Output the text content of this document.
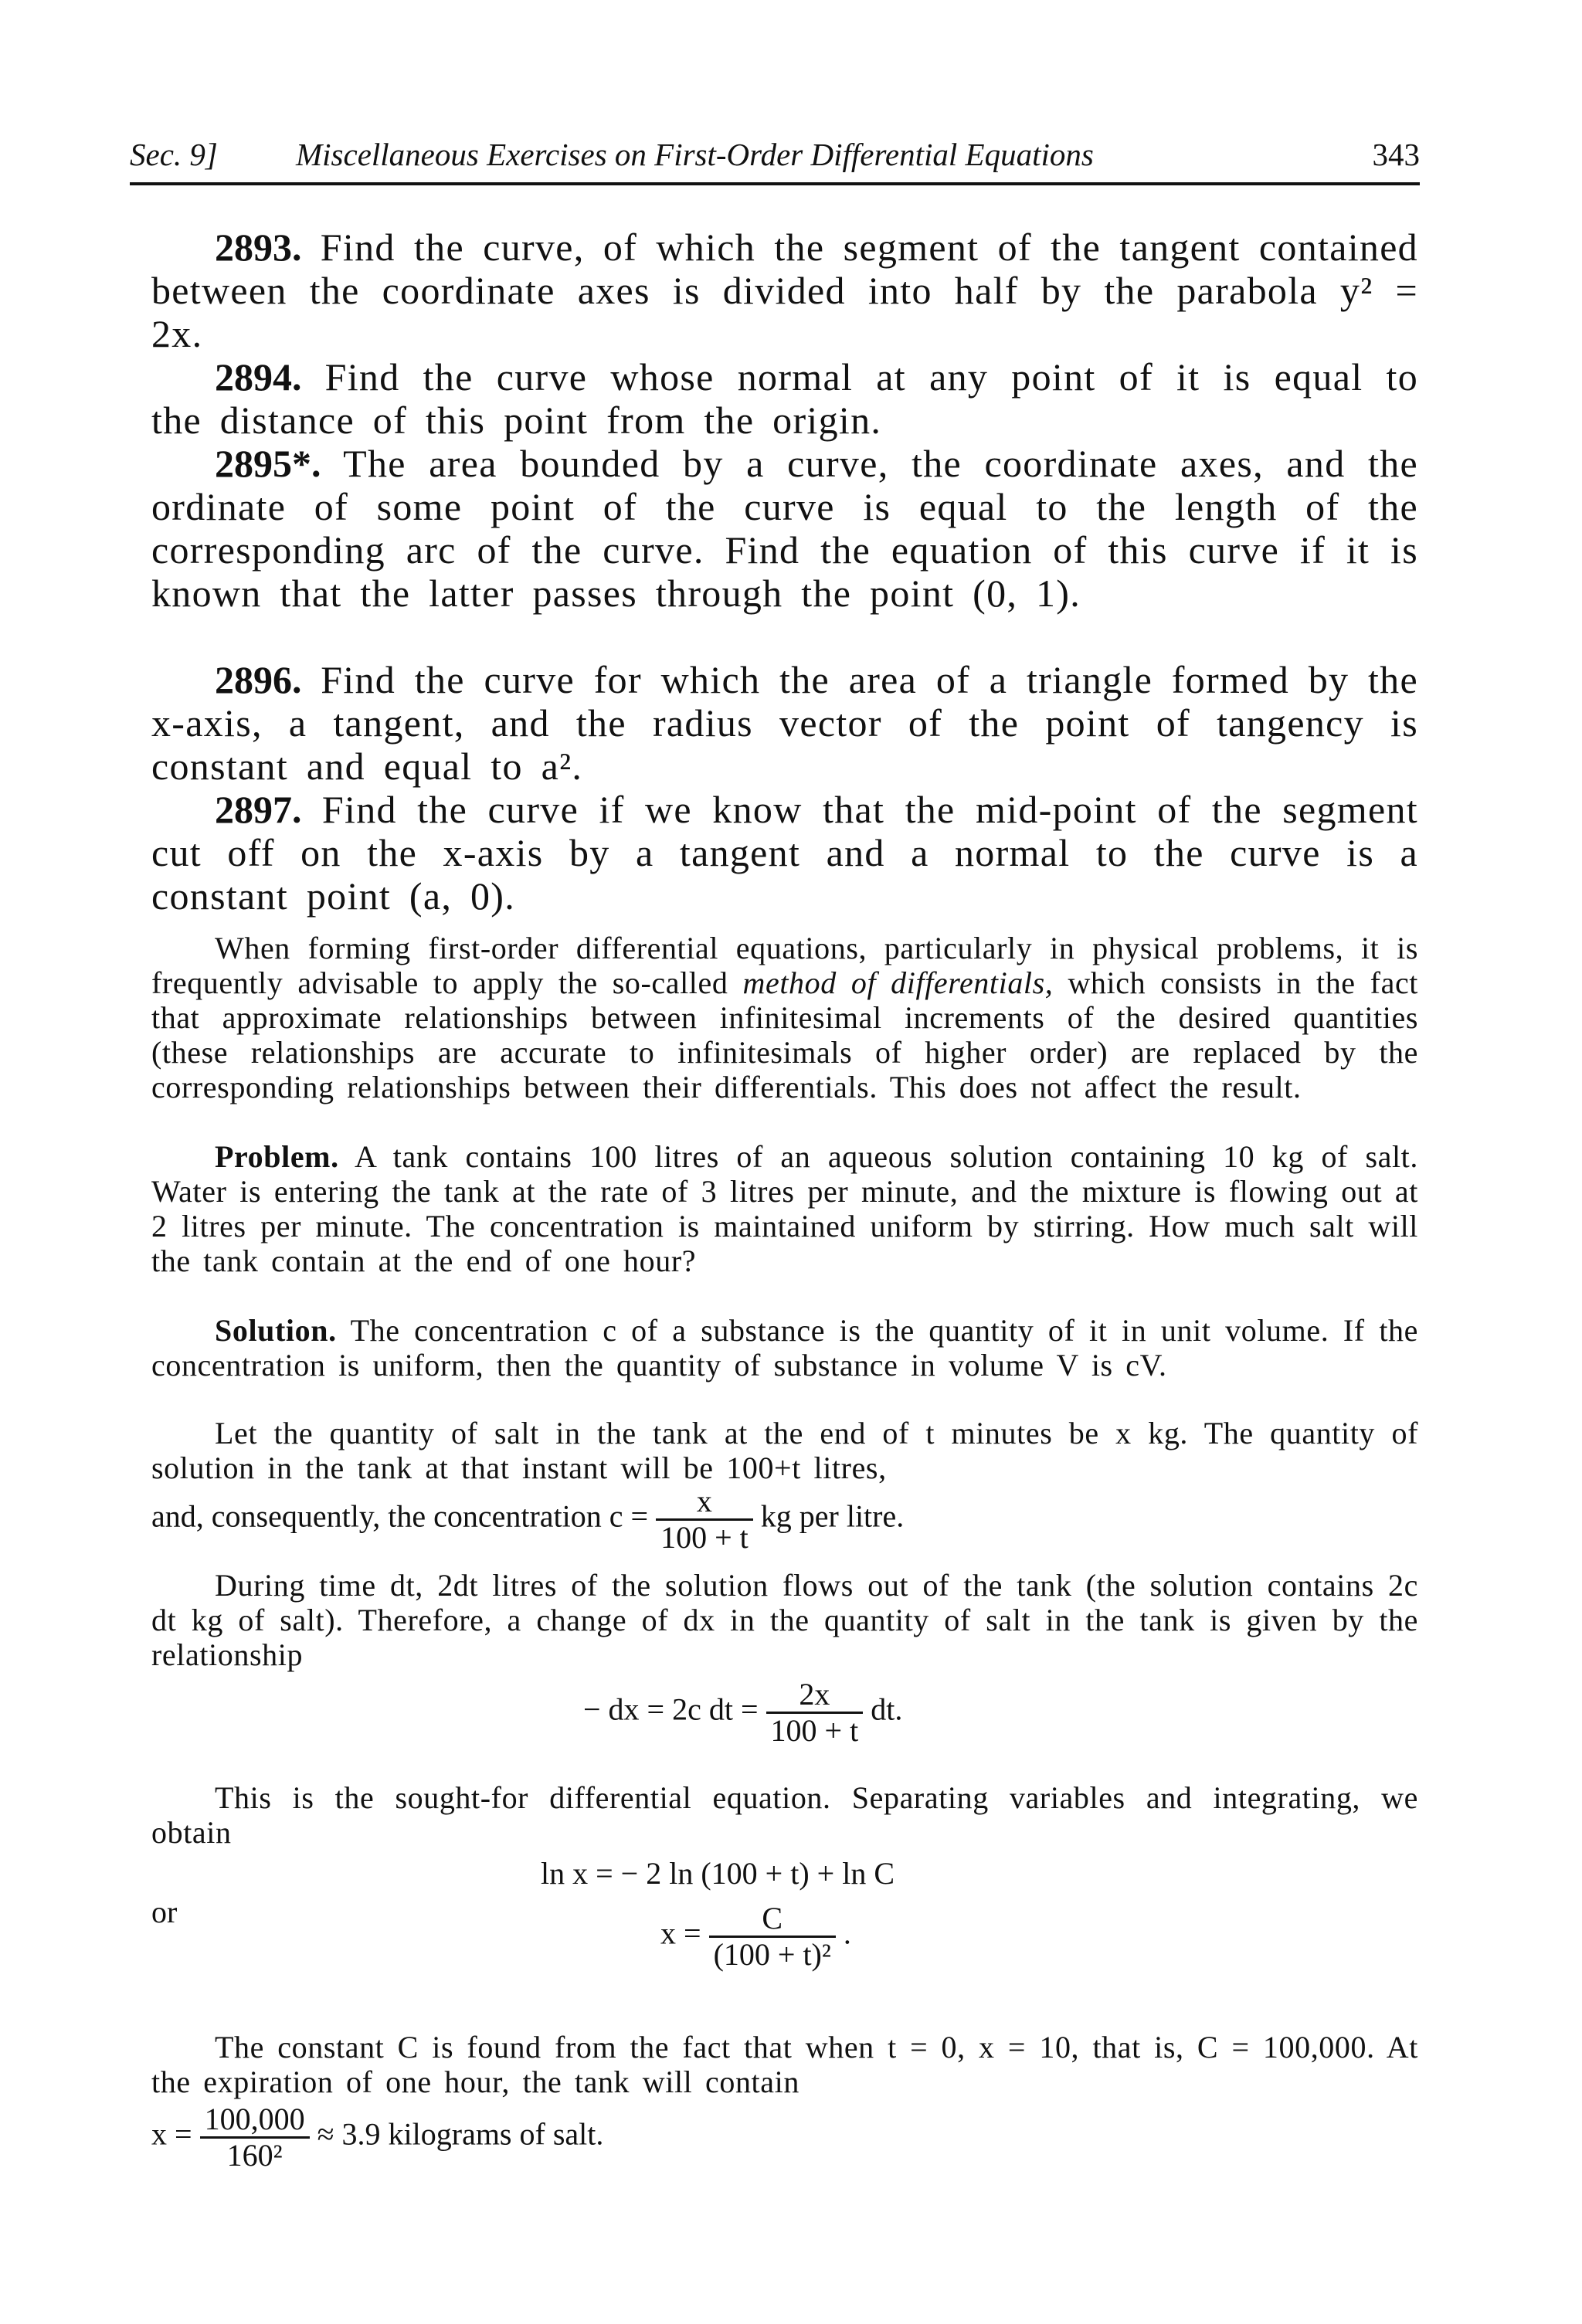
Sec. 9] Miscellaneous Exercises on First-Order Differential Equations	343
2893. Find the curve, of which the segment of the tangent contained between the coordinate axes is divided into half by the parabola y² = 2x.
2894. Find the curve whose normal at any point of it is equal to the distance of this point from the origin.
2895*. The area bounded by a curve, the coordinate axes, and the ordinate of some point of the curve is equal to the length of the corresponding arc of the curve. Find the equation of this curve if it is known that the latter passes through the point (0, 1).
2896. Find the curve for which the area of a triangle formed by the x-axis, a tangent, and the radius vector of the point of tangency is constant and equal to a².
2897. Find the curve if we know that the mid-point of the segment cut off on the x-axis by a tangent and a normal to the curve is a constant point (a, 0).
When forming first-order differential equations, particularly in physical problems, it is frequently advisable to apply the so-called method of differentials, which consists in the fact that approximate relationships between infinitesimal increments of the desired quantities (these relationships are accurate to infinitesimals of higher order) are replaced by the corresponding relationships between their differentials. This does not affect the result.
Problem. A tank contains 100 litres of an aqueous solution containing 10 kg of salt. Water is entering the tank at the rate of 3 litres per minute, and the mixture is flowing out at 2 litres per minute. The concentration is maintained uniform by stirring. How much salt will the tank contain at the end of one hour?
Solution. The concentration c of a substance is the quantity of it in unit volume. If the concentration is uniform, then the quantity of substance in volume V is cV.
Let the quantity of salt in the tank at the end of t minutes be x kg. The quantity of solution in the tank at that instant will be 100+t litres,
and, consequently, the concentration $c = \frac{x}{100 + t}$ kg per litre.
During time dt, 2dt litres of the solution flows out of the tank (the solution contains 2c dt kg of salt). Therefore, a change of dx in the quantity of salt in the tank is given by the relationship
− dx = 2c dt = $\frac{2x}{100 + t}$ dt.
This is the sought-for differential equation. Separating variables and integrating, we obtain
ln x = − 2 ln (100 + t) + ln C
or
$x = \frac{C}{\text{(100 + t)²}}$ .
The constant C is found from the fact that when t = 0, x = 10, that is, C = 100,000. At the expiration of one hour, the tank will contain
$x = \frac{100,000}{\text{160²}} \approx 3.9$ kilograms of salt.
